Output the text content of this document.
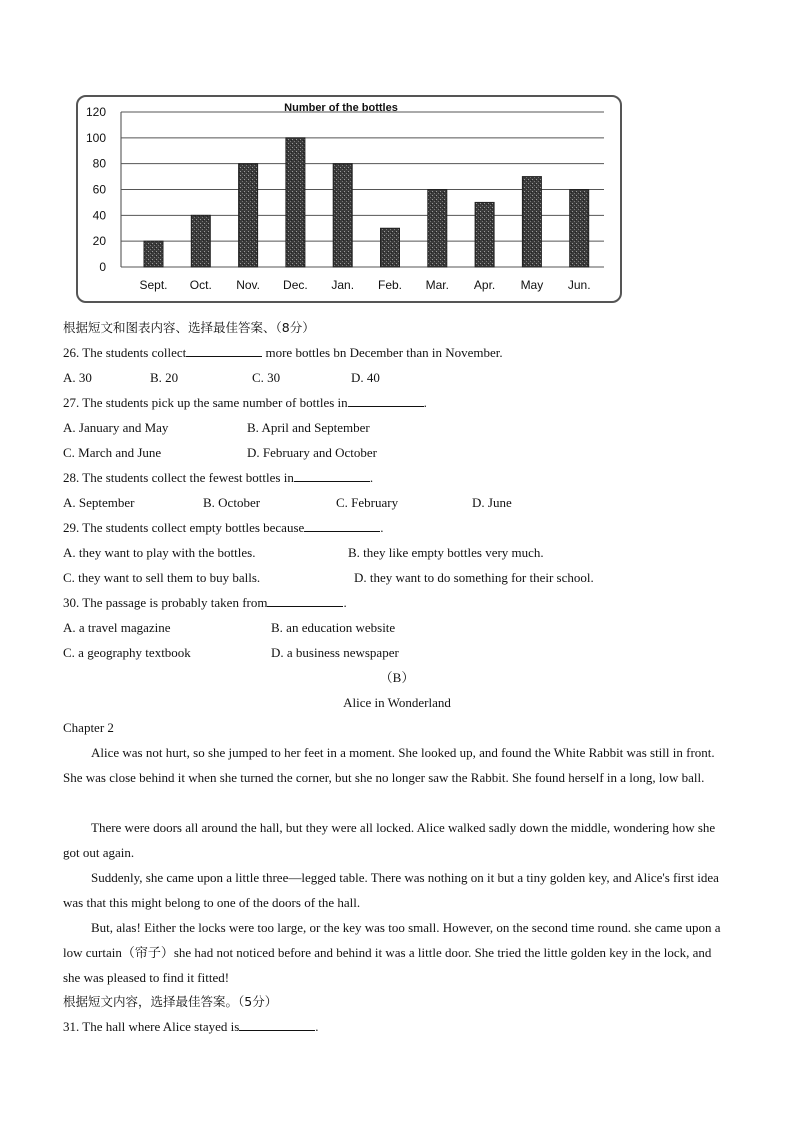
Number of the bottles
0
20
40
60
80
100
120
Sept. Oct. Nov. Dec. Jan. Feb. Mar. Apr. May Jun.
根据短文和图表内容、选择最佳答案、（8分）
26. The students collect	more bottles bn December than in November.
A. 30	B. 20	C. 30	D. 40
27. The students pick up the same number of bottles in	.
A. January and May	B. April and September
C. March and June	D. February and October
28. The students collect the fewest bottles in	.
A. September	B. October	C. February	D. June
29. The students collect empty bottles because	.
A. they want to play with the bottles.	B. they like empty bottles very much.
C. they want to sell them to buy balls.	D. they want to do something for their school.
30. The passage is probably taken from	.
A. a travel magazine	B. an education website
C. a geography textbook	D. a business newspaper
（B）
Alice in Wonderland
Chapter 2
Alice was not hurt, so she jumped to her feet in a moment. She looked up, and found the White Rabbit was still in front. She was close behind it when she turned the corner, but she no longer saw the Rabbit. She found herself in a long, low ball.
There were doors all around the hall, but they were all locked. Alice walked sadly down the middle, wondering how she got out again.
Suddenly, she came upon a little three—legged table. There was nothing on it but a tiny golden key, and Alice's first idea was that this might belong to one of the doors of the hall.
But, alas! Either the locks were too large, or the key was too small. However, on the second time round. she came upon a low curtain（帘子）she had not noticed before and behind it was a little door. She tried the little golden key in the lock, and she was pleased to find it fitted!
根据短文内容，选择最佳答案。（5分）
31. The hall where Alice stayed is	.
